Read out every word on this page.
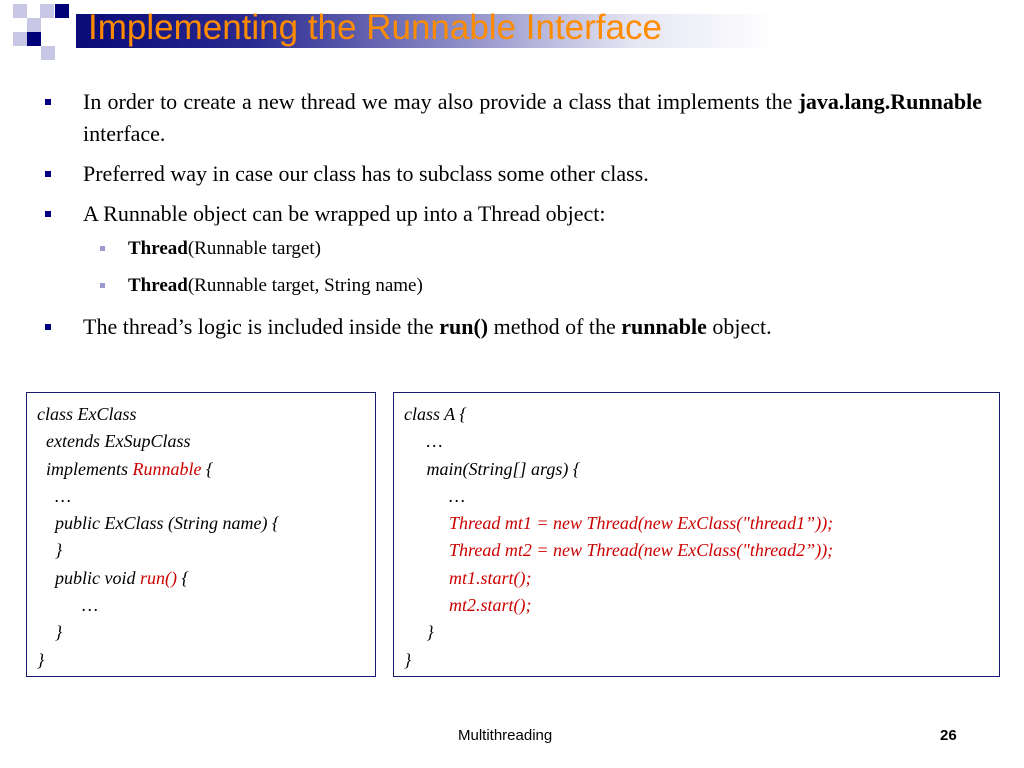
Implementing the Runnable Interface
In order to create a new thread we may also provide a class that implements the java.lang.Runnable interface.
Preferred way in case our class has to subclass some other class.
A Runnable object can be wrapped up into a Thread object:
Thread(Runnable target)
Thread(Runnable target, String name)
The thread’s logic is included inside the run() method of the runnable object.
class ExClass
extends ExSupClass
implements Runnable {
…
public ExClass (String name) {
}
public void run() {
…
}
}
class A {
…
main(String[] args) {
…
Thread mt1 = new Thread(new ExClass("thread1”));
Thread mt2 = new Thread(new ExClass("thread2”));
mt1.start();
mt2.start();
}
}
Multithreading	26
